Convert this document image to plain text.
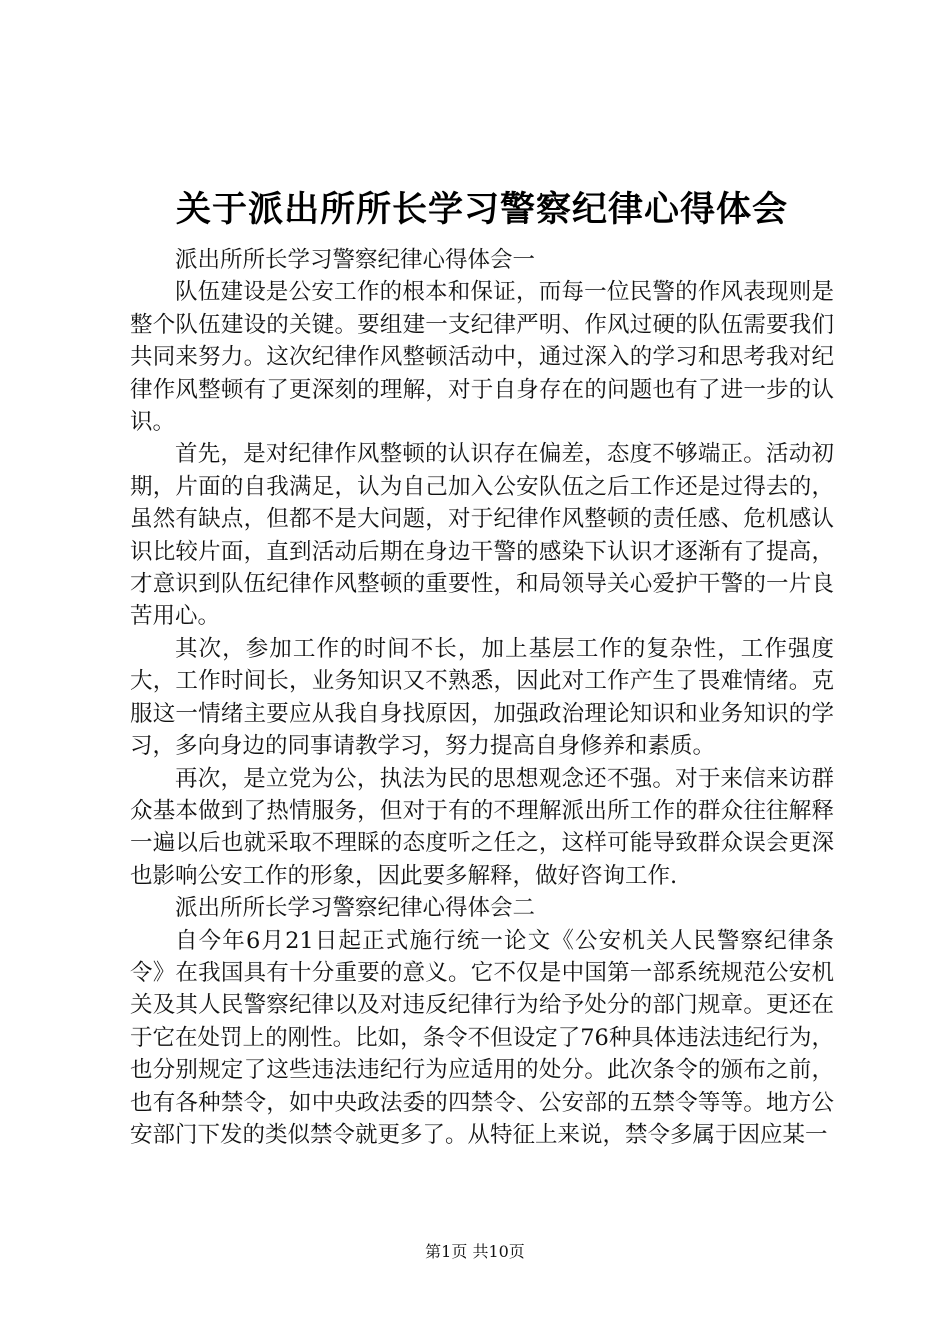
关于派出所所长学习警察纪律心得体会

派出所所长学习警察纪律心得体会一

队伍建设是公安工作的根本和保证，而每一位民警的作风表现则是整个队伍建设的关键。要组建一支纪律严明、作风过硬的队伍需要我们共同来努力。这次纪律作风整顿活动中，通过深入的学习和思考我对纪律作风整顿有了更深刻的理解，对于自身存在的问题也有了进一步的认识。

首先，是对纪律作风整顿的认识存在偏差，态度不够端正。活动初期，片面的自我满足，认为自己加入公安队伍之后工作还是过得去的，虽然有缺点，但都不是大问题，对于纪律作风整顿的责任感、危机感认识比较片面，直到活动后期在身边干警的感染下认识才逐渐有了提高，才意识到队伍纪律作风整顿的重要性，和局领导关心爱护干警的一片良苦用心。

其次，参加工作的时间不长，加上基层工作的复杂性，工作强度大，工作时间长，业务知识又不熟悉，因此对工作产生了畏难情绪。克服这一情绪主要应从我自身找原因，加强政治理论知识和业务知识的学习，多向身边的同事请教学习，努力提高自身修养和素质。

再次，是立党为公，执法为民的思想观念还不强。对于来信来访群众基本做到了热情服务，但对于有的不理解派出所工作的群众往往解释一遍以后也就采取不理睬的态度听之任之，这样可能导致群众误会更深也影响公安工作的形象，因此要多解释，做好咨询工作.

派出所所长学习警察纪律心得体会二

自今年6月21日起正式施行统一论文《公安机关人民警察纪律条令》在我国具有十分重要的意义。它不仅是中国第一部系统规范公安机关及其人民警察纪律以及对违反纪律行为给予处分的部门规章。更还在于它在处罚上的刚性。比如，条令不但设定了76种具体违法违纪行为，也分别规定了这些违法违纪行为应适用的处分。此次条令的颁布之前，也有各种禁令，如中央政法委的四禁令、公安部的五禁令等等。地方公安部门下发的类似禁令就更多了。从特征上来说，禁令多属于因应某一

第1页 共10页
